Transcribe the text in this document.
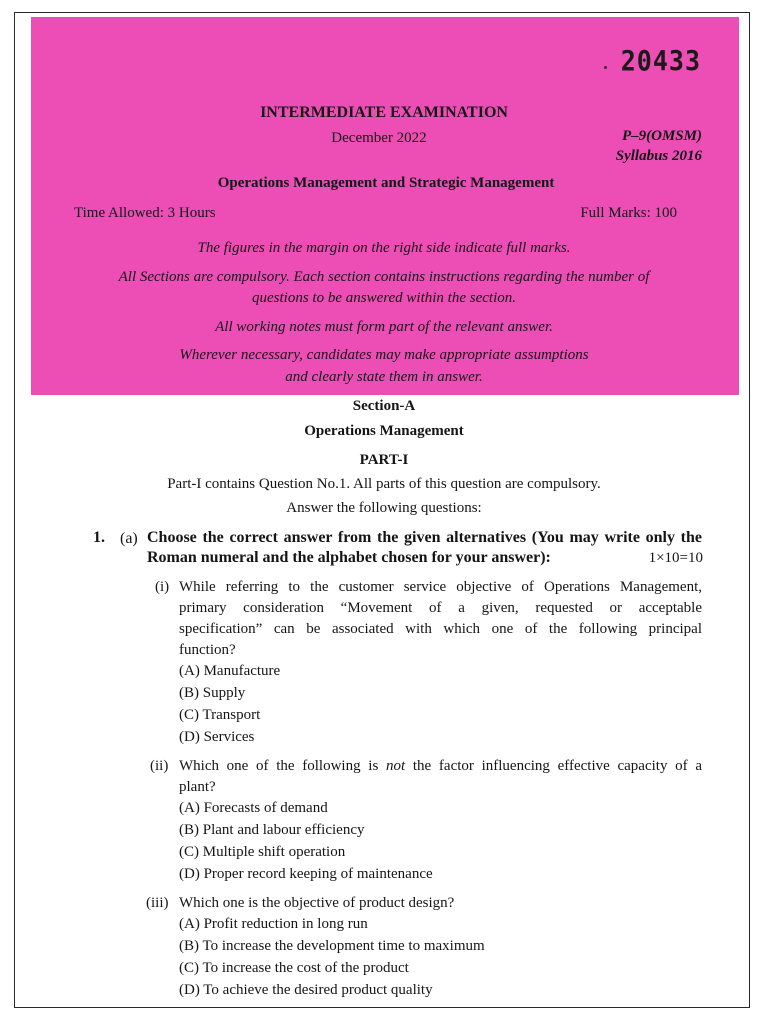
20433
INTERMEDIATE EXAMINATION
December 2022	P–9(OMSM)
Syllabus 2016
Operations Management and Strategic Management
Time Allowed: 3 Hours	Full Marks: 100
The figures in the margin on the right side indicate full marks.
All Sections are compulsory. Each section contains instructions regarding the number of
questions to be answered within the section.
All working notes must form part of the relevant answer.
Wherever necessary, candidates may make appropriate assumptions
and clearly state them in answer.
Section-A
Operations Management
PART-I
Part-I contains Question No.1. All parts of this question are compulsory.
Answer the following questions:
1. (a) Choose the correct answer from the given alternatives (You may write only the
Roman numeral and the alphabet chosen for your answer):	1×10=10
(i) While referring to the customer service objective of Operations Management,
primary consideration “Movement of a given, requested or acceptable
specification” can be associated with which one of the following principal
function?
(A) Manufacture
(B) Supply
(C) Transport
(D) Services
(ii) Which one of the following is not the factor influencing effective capacity of a
plant?
(A) Forecasts of demand
(B) Plant and labour efficiency
(C) Multiple shift operation
(D) Proper record keeping of maintenance
(iii) Which one is the objective of product design?
(A) Profit reduction in long run
(B) To increase the development time to maximum
(C) To increase the cost of the product
(D) To achieve the desired product quality
